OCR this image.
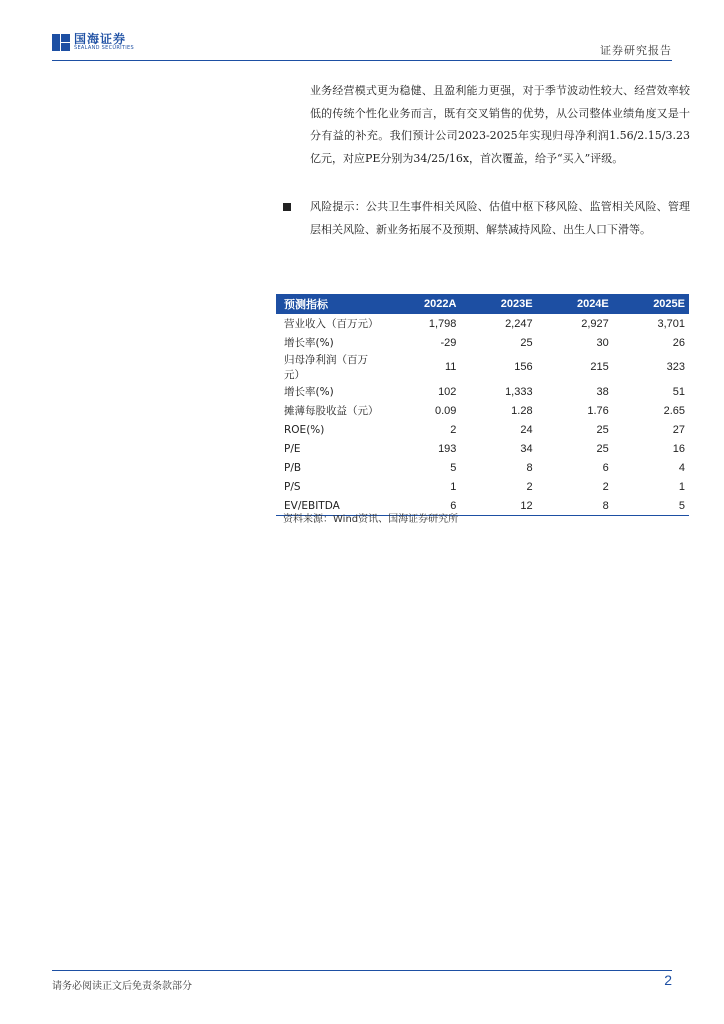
国海证券
SEALAND SECURITIES	证券研究报告
业务经营模式更为稳健、且盈利能力更强，对于季节波动性较大、经营效率较低的传统个性化业务而言，既有交叉销售的优势，从公司整体业绩角度又是十分有益的补充。我们预计公司2023-2025年实现归母净利润1.56/2.15/3.23亿元，对应PE分别为34/25/16x，首次覆盖，给予“买入”评级。
风险提示：公共卫生事件相关风险、估值中枢下移风险、监管相关风险、管理层相关风险、新业务拓展不及预期、解禁减持风险、出生人口下滑等。
预测指标	2022A	2023E	2024E	2025E
营业收入（百万元）	1,798	2,247	2,927	3,701
增长率(%)	-29	25	30	26
归母净利润（百万元）	11	156	215	323
增长率(%)	102	1,333	38	51
摊薄每股收益（元）	0.09	1.28	1.76	2.65
ROE(%)	2	24	25	27
P/E	193	34	25	16
P/B	5	8	6	4
P/S	1	2	2	1
EV/EBITDA	6	12	8	5
资料来源：Wind资讯、国海证券研究所
请务必阅读正文后免责条款部分	2
